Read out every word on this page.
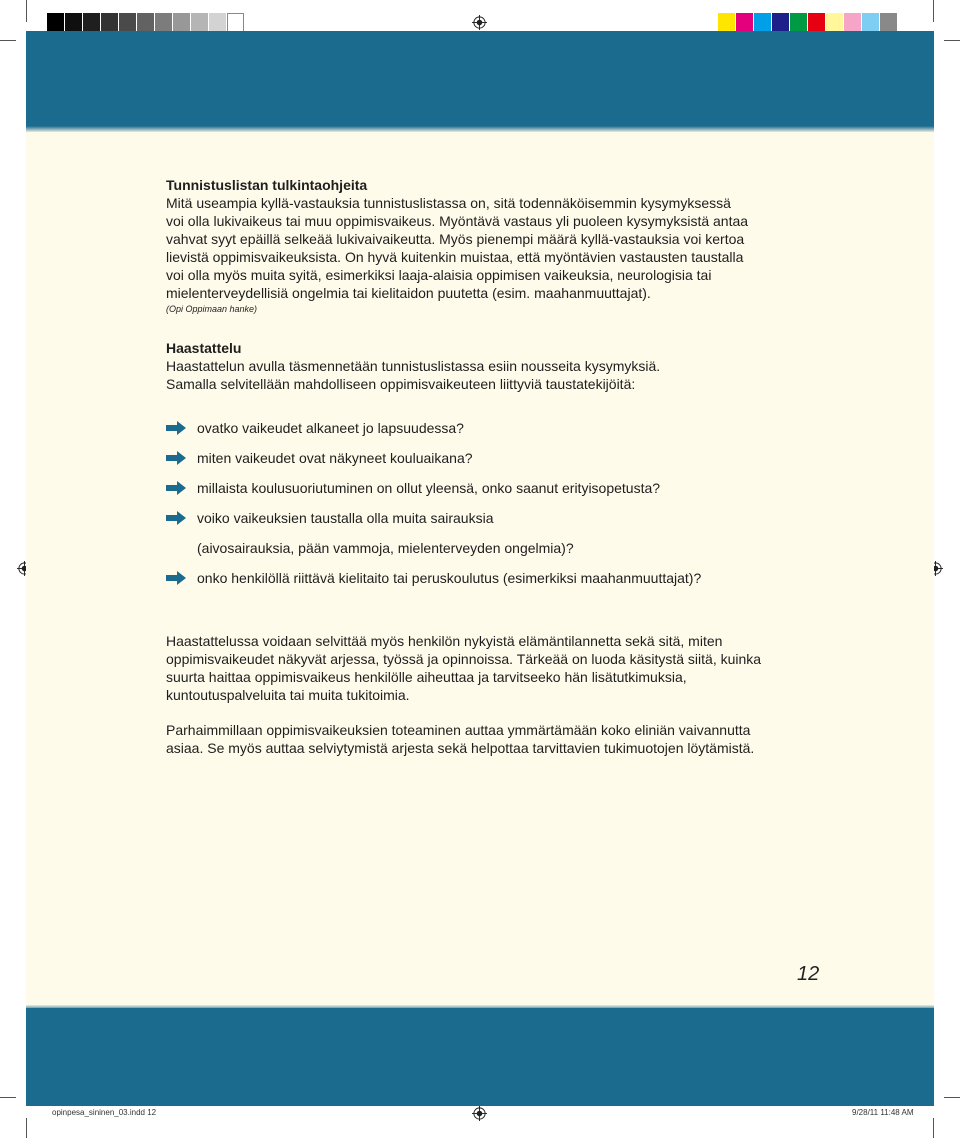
Tunnistuslistan tulkintaohjeita

Mitä useampia kyllä-vastauksia tunnistuslistassa on, sitä todennäköisemmin kysymyksessä

voi olla lukivaikeus tai muu oppimisvaikeus. Myöntävä vastaus yli puoleen kysymyksistä antaa

vahvat syyt epäillä selkeää lukivaivaikeutta. Myös pienempi määrä kyllä-vastauksia voi kertoa

lievistä oppimisvaikeuksista. On hyvä kuitenkin muistaa, että myöntävien vastausten taustalla

voi olla myös muita syitä, esimerkiksi laaja-alaisia oppimisen vaikeuksia, neurologisia tai

mielenterveydellisiä ongelmia tai kielitaidon puutetta (esim. maahanmuuttajat).

(Opi Oppimaan hanke)

Haastattelu

Haastattelun avulla täsmennetään tunnistuslistassa esiin nousseita kysymyksiä.

Samalla selvitellään mahdolliseen oppimisvaikeuteen liittyviä taustatekijöitä:

ovatko vaikeudet alkaneet jo lapsuudessa?
miten vaikeudet ovat näkyneet kouluaikana?
millaista koulusuoriutuminen on ollut yleensä, onko saanut erityisopetusta?
voiko vaikeuksien taustalla olla muita sairauksia
(aivosairauksia, pään vammoja, mielenterveyden ongelmia)?
onko henkilöllä riittävä kielitaito tai peruskoulutus (esimerkiksi maahanmuuttajat)?

Haastattelussa voidaan selvittää myös henkilön nykyistä elämäntilannetta sekä sitä, miten

oppimisvaikeudet näkyvät arjessa, työssä ja opinnoissa. Tärkeää on luoda käsitystä siitä, kuinka

suurta haittaa oppimisvaikeus henkilölle aiheuttaa ja tarvitseeko hän lisätutkimuksia,

kuntoutuspalveluita tai muita tukitoimia.

Parhaimmillaan oppimisvaikeuksien toteaminen auttaa ymmärtämään koko eliniän vaivannutta

asiaa. Se myös auttaa selviytymistä arjesta sekä helpottaa tarvittavien tukimuotojen löytämistä.

12
opinpesa_sininen_03.indd 12	9/28/11 11:48 AM
